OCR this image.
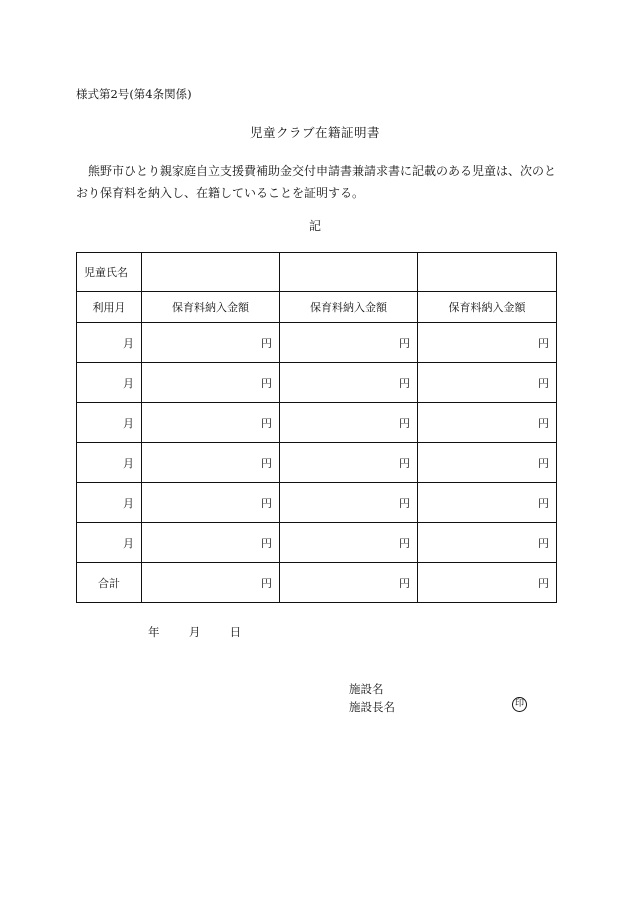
様式第2号(第4条関係)
児童クラブ在籍証明書
熊野市ひとり親家庭自立支援費補助金交付申請書兼請求書に記載のある児童は、次のとおり保育料を納入し、在籍していることを証明する。
記
児童氏名			
利用月	保育料納入金額	保育料納入金額	保育料納入金額
月	円	円	円
月	円	円	円
月	円	円	円
月	円	円	円
月	円	円	円
月	円	円	円
合計	円	円	円
年	月	日
施設名
施設長名	印
